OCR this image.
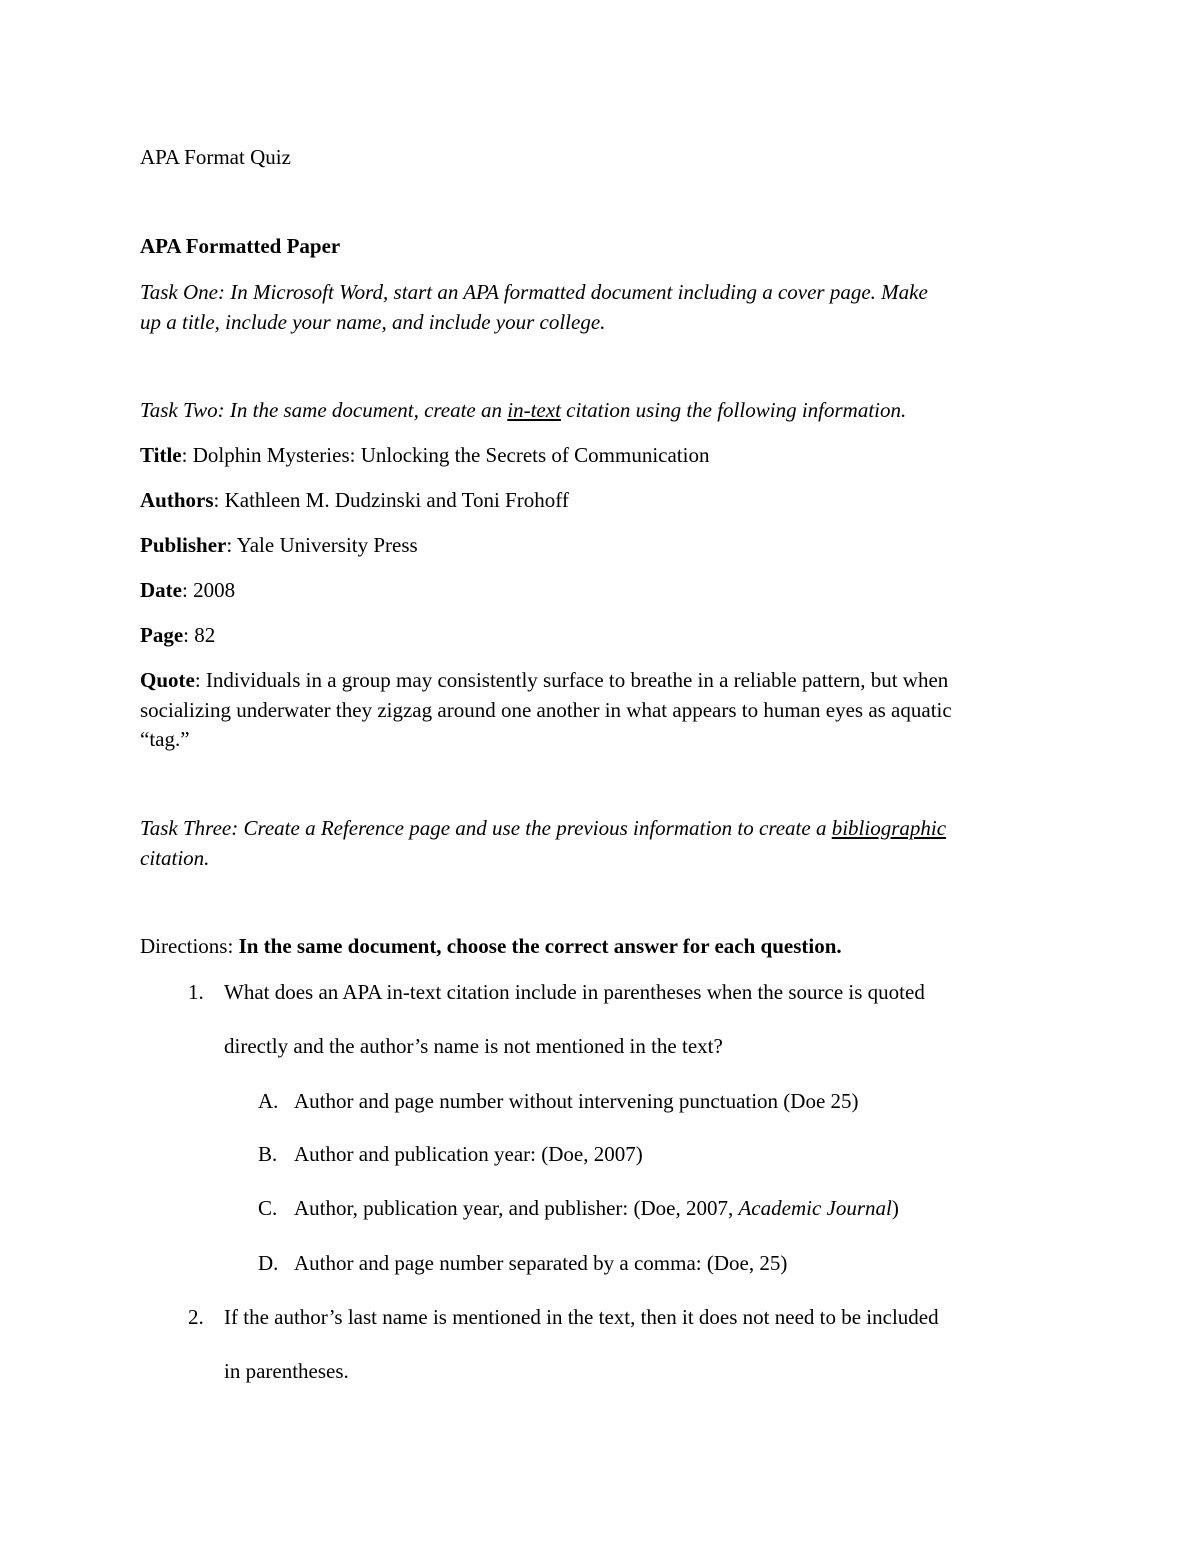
APA Format Quiz
APA Formatted Paper
Task One: In Microsoft Word, start an APA formatted document including a cover page. Make
up a title, include your name, and include your college.
Task Two: In the same document, create an in-text citation using the following information.
Title: Dolphin Mysteries: Unlocking the Secrets of Communication
Authors: Kathleen M. Dudzinski and Toni Frohoff
Publisher: Yale University Press
Date: 2008
Page: 82
Quote: Individuals in a group may consistently surface to breathe in a reliable pattern, but when
socializing underwater they zigzag around one another in what appears to human eyes as aquatic
“tag.”
Task Three: Create a Reference page and use the previous information to create a bibliographic
citation.
Directions: In the same document, choose the correct answer for each question.
1. What does an APA in-text citation include in parentheses when the source is quoted
directly and the author’s name is not mentioned in the text?
A. Author and page number without intervening punctuation (Doe 25)
B. Author and publication year: (Doe, 2007)
C. Author, publication year, and publisher: (Doe, 2007, Academic Journal)
D. Author and page number separated by a comma: (Doe, 25)
2. If the author’s last name is mentioned in the text, then it does not need to be included
in parentheses.
